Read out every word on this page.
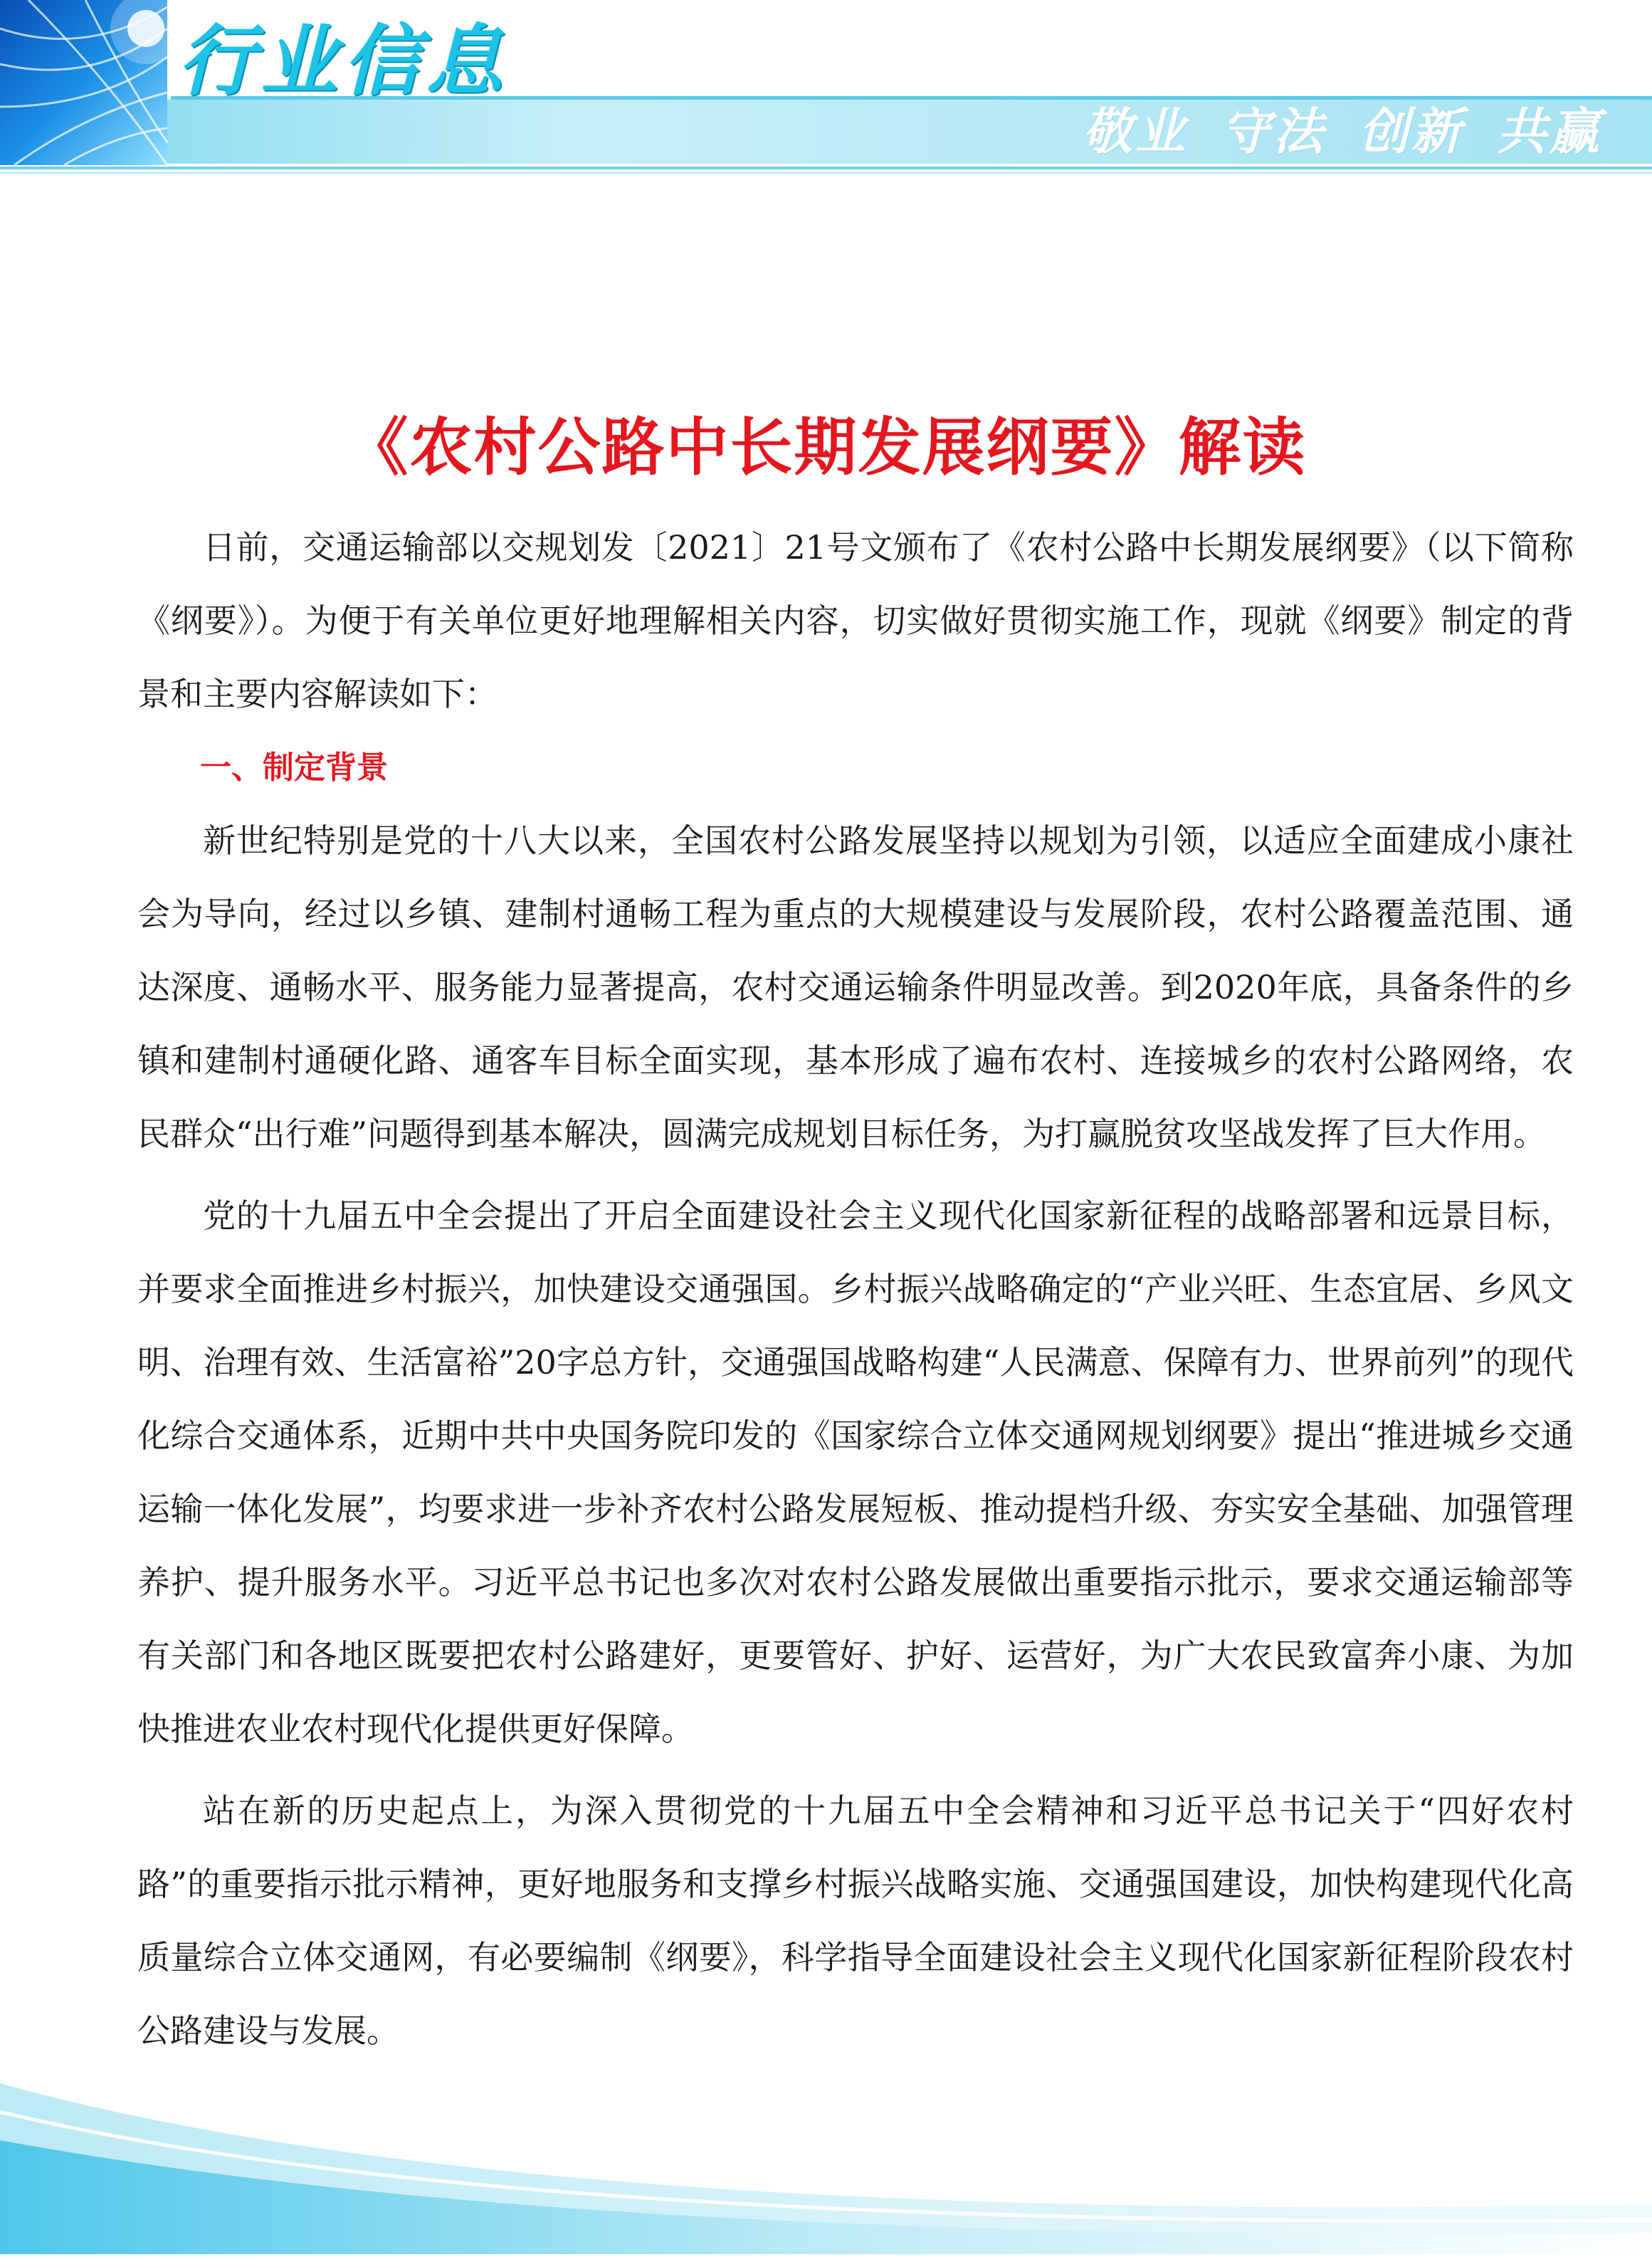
行业信息
敬业 守法 创新 共赢
《农村公路中长期发展纲要》解读

日前，交通运输部以交规划发〔2021〕21号文颁布了《农村公路中长期发展纲要》（以下简称《纲要》）。为便于有关单位更好地理解相关内容，切实做好贯彻实施工作，现就《纲要》制定的背景和主要内容解读如下：

一、制定背景

新世纪特别是党的十八大以来，全国农村公路发展坚持以规划为引领，以适应全面建成小康社会为导向，经过以乡镇、建制村通畅工程为重点的大规模建设与发展阶段，农村公路覆盖范围、通达深度、通畅水平、服务能力显著提高，农村交通运输条件明显改善。到2020年底，具备条件的乡镇和建制村通硬化路、通客车目标全面实现，基本形成了遍布农村、连接城乡的农村公路网络，农民群众“出行难”问题得到基本解决，圆满完成规划目标任务，为打赢脱贫攻坚战发挥了巨大作用。

党的十九届五中全会提出了开启全面建设社会主义现代化国家新征程的战略部署和远景目标，并要求全面推进乡村振兴，加快建设交通强国。乡村振兴战略确定的“产业兴旺、生态宜居、乡风文明、治理有效、生活富裕”20字总方针，交通强国战略构建“人民满意、保障有力、世界前列”的现代化综合交通体系，近期中共中央国务院印发的《国家综合立体交通网规划纲要》提出“推进城乡交通运输一体化发展”，均要求进一步补齐农村公路发展短板、推动提档升级、夯实安全基础、加强管理养护、提升服务水平。习近平总书记也多次对农村公路发展做出重要指示批示，要求交通运输部等有关部门和各地区既要把农村公路建好，更要管好、护好、运营好，为广大农民致富奔小康、为加快推进农业农村现代化提供更好保障。

站在新的历史起点上，为深入贯彻党的十九届五中全会精神和习近平总书记关于“四好农村路”的重要指示批示精神，更好地服务和支撑乡村振兴战略实施、交通强国建设，加快构建现代化高质量综合立体交通网，有必要编制《纲要》，科学指导全面建设社会主义现代化国家新征程阶段农村公路建设与发展。
